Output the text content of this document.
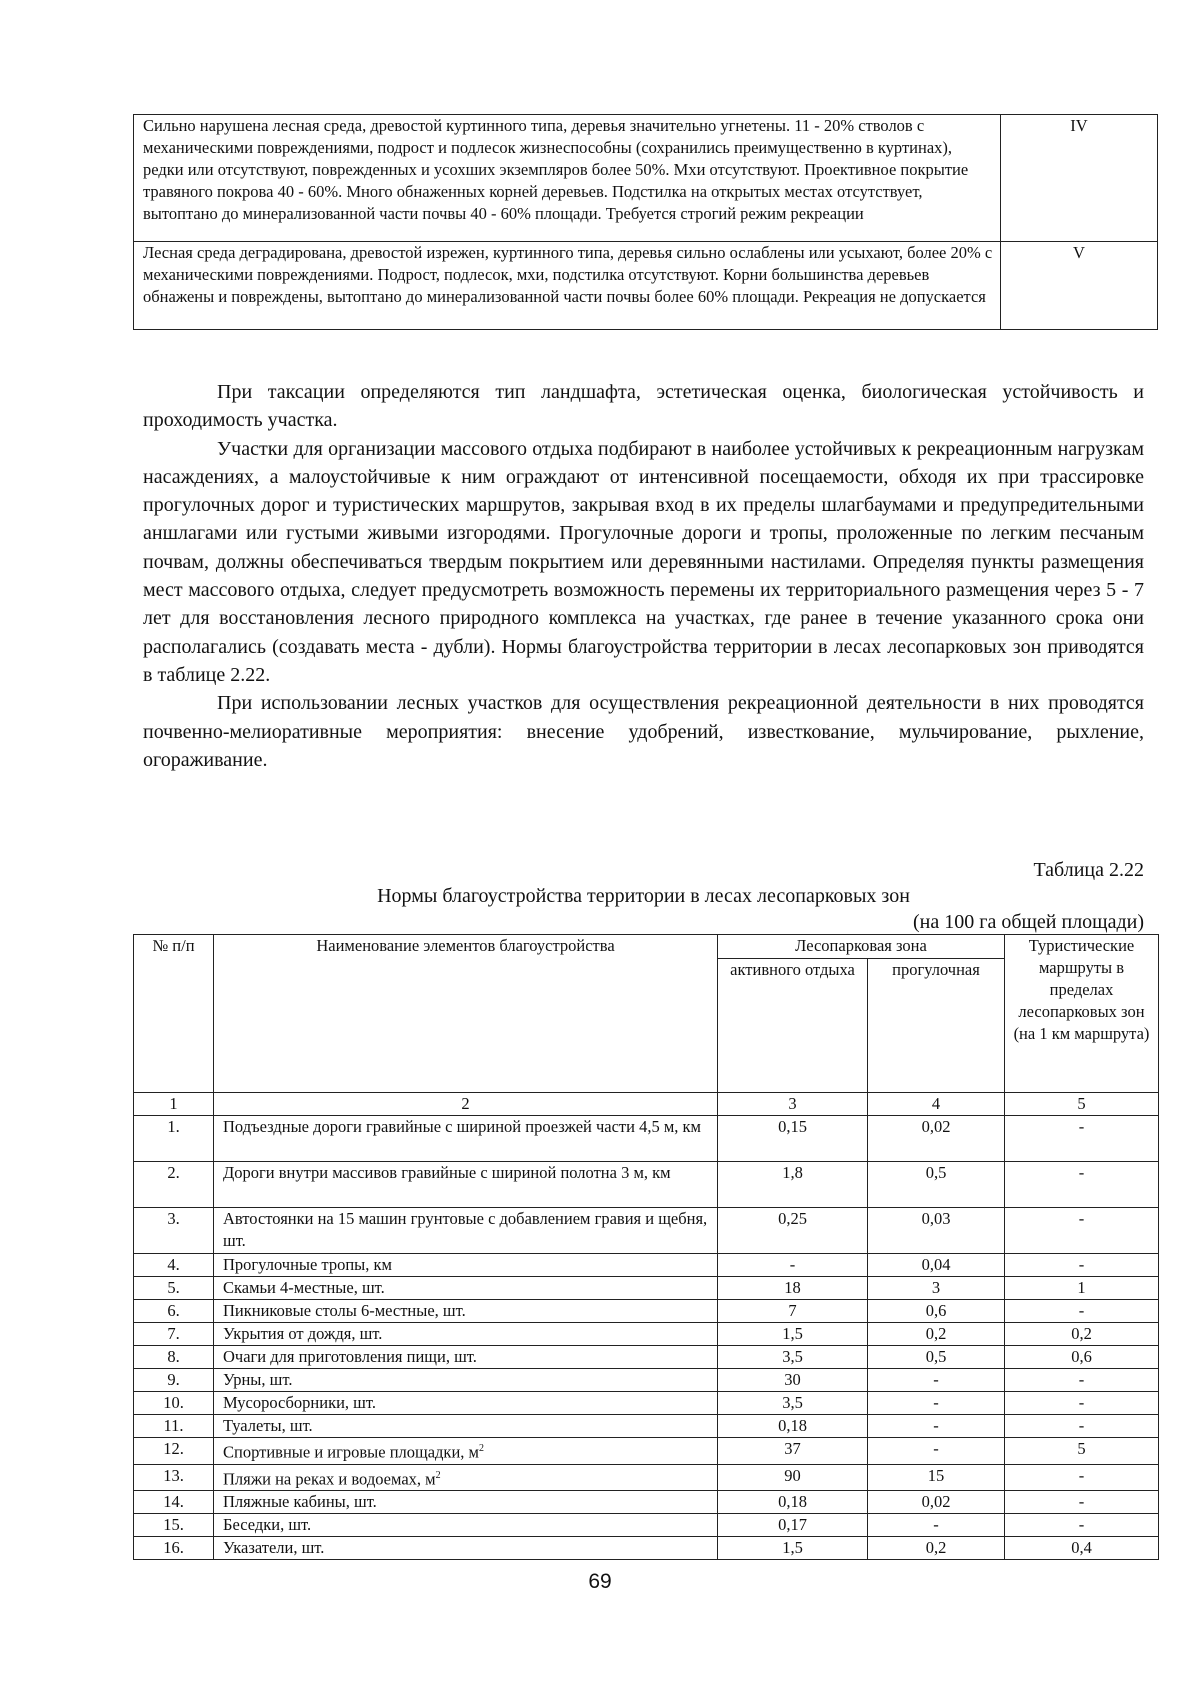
Сильно нарушена лесная среда, древостой куртинного типа, деревья значительно угнетены. 11 - 20% стволов с механическими повреждениями, подрост и подлесок жизнеспособны (сохранились преимущественно в куртинах), редки или отсутствуют, поврежденных и усохших экземпляров более 50%. Мхи отсутствуют. Проективное покрытие травяного покрова 40 - 60%. Много обнаженных корней деревьев. Подстилка на открытых местах отсутствует, вытоптано до минерализованной части почвы 40 - 60% площади. Требуется строгий режим рекреации	IV
Лесная среда деградирована, древостой изрежен, куртинного типа, деревья сильно ослаблены или усыхают, более 20% с механическими повреждениями. Подрост, подлесок, мхи, подстилка отсутствуют. Корни большинства деревьев обнажены и повреждены, вытоптано до минерализованной части почвы более 60% площади. Рекреация не допускается	V

При таксации определяются тип ландшафта, эстетическая оценка, биологическая устойчивость и проходимость участка.

Участки для организации массового отдыха подбирают в наиболее устойчивых к рекреационным нагрузкам насаждениях, а малоустойчивые к ним ограждают от интенсивной посещаемости, обходя их при трассировке прогулочных дорог и туристических маршрутов, закрывая вход в их пределы шлагбаумами и предупредительными аншлагами или густыми живыми изгородями. Прогулочные дороги и тропы, проложенные по легким песчаным почвам, должны обеспечиваться твердым покрытием или деревянными настилами. Определяя пункты размещения мест массового отдыха, следует предусмотреть возможность перемены их территориального размещения через 5 - 7 лет для восстановления лесного природного комплекса на участках, где ранее в течение указанного срока они располагались (создавать места - дубли). Нормы благоустройства территории в лесах лесопарковых зон приводятся в таблице 2.22.

При использовании лесных участков для осуществления рекреационной деятельности в них проводятся почвенно-мелиоративные мероприятия: внесение удобрений, известкование, мульчирование, рыхление, огораживание.

Таблица 2.22
Нормы благоустройства территории в лесах лесопарковых зон
(на 100 га общей площади)
№ п/п	Наименование элементов благоустройства	Лесопарковая зона		Туристические маршруты в пределах лесопарковых зон (на 1 км маршрута)
		активного отдыха	прогулочная	
1	2	3	4	5
1.	Подъездные дороги гравийные с шириной проезжей части 4,5 м, км	0,15	0,02	-
2.	Дороги внутри массивов гравийные с шириной полотна 3 м, км	1,8	0,5	-
3.	Автостоянки на 15 машин грунтовые с добавлением гравия и щебня, шт.	0,25	0,03	-
4.	Прогулочные тропы, км	-	0,04	-
5.	Скамьи 4-местные, шт.	18	3	1
6.	Пикниковые столы 6-местные, шт.	7	0,6	-
7.	Укрытия от дождя, шт.	1,5	0,2	0,2
8.	Очаги для приготовления пищи, шт.	3,5	0,5	0,6
9.	Урны, шт.	30	-	-
10.	Мусоросборники, шт.	3,5	-	-
11.	Туалеты, шт.	0,18	-	-
12.	Спортивные и игровые площадки, $м^2$	37	-	5
13.	Пляжи на реках и водоемах, $м^2$	90	15	-
14.	Пляжные кабины, шт.	0,18	0,02	-
15.	Беседки, шт.	0,17	-	-
16.	Указатели, шт.	1,5	0,2	0,4
69
